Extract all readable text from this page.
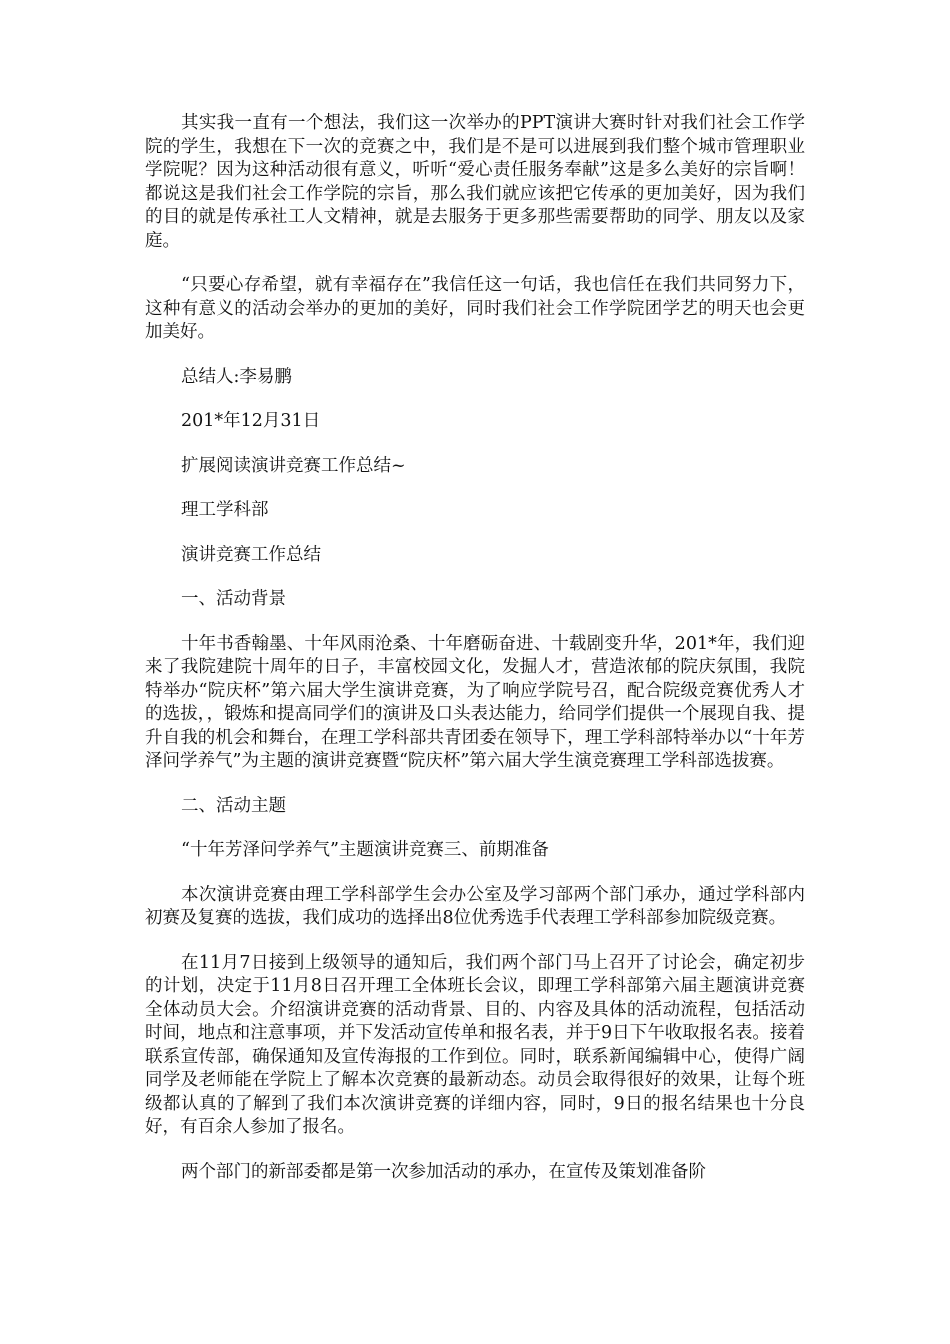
其实我一直有一个想法，我们这一次举办的PPT演讲大赛时针对我们社会工作学院的学生，我想在下一次的竞赛之中，我们是不是可以进展到我们整个城市管理职业学院呢？因为这种活动很有意义，听听“爱心责任服务奉献”这是多么美好的宗旨啊！都说这是我们社会工作学院的宗旨，那么我们就应该把它传承的更加美好，因为我们的目的就是传承社工人文精神，就是去服务于更多那些需要帮助的同学、朋友以及家庭。

“只要心存希望，就有幸福存在”我信任这一句话，我也信任在我们共同努力下，这种有意义的活动会举办的更加的美好，同时我们社会工作学院团学艺的明天也会更加美好。

总结人:李易鹏

201*年12月31日

扩展阅读演讲竞赛工作总结~

理工学科部

演讲竞赛工作总结

一、活动背景

十年书香翰墨、十年风雨沧桑、十年磨砺奋进、十载剧变升华，201*年，我们迎来了我院建院十周年的日子，丰富校园文化，发掘人才，营造浓郁的院庆氛围，我院特举办“院庆杯”第六届大学生演讲竞赛，为了响应学院号召，配合院级竞赛优秀人才的选拔，，锻炼和提高同学们的演讲及口头表达能力，给同学们提供一个展现自我、提升自我的机会和舞台，在理工学科部共青团委在领导下，理工学科部特举办以“十年芳泽问学养气”为主题的演讲竞赛暨“院庆杯”第六届大学生演竞赛理工学科部选拔赛。

二、活动主题

“十年芳泽问学养气”主题演讲竞赛三、前期准备

本次演讲竞赛由理工学科部学生会办公室及学习部两个部门承办，通过学科部内初赛及复赛的选拔，我们成功的选择出8位优秀选手代表理工学科部参加院级竞赛。

在11月7日接到上级领导的通知后，我们两个部门马上召开了讨论会，确定初步的计划，决定于11月8日召开理工全体班长会议，即理工学科部第六届主题演讲竞赛全体动员大会。介绍演讲竞赛的活动背景、目的、内容及具体的活动流程，包括活动时间，地点和注意事项，并下发活动宣传单和报名表，并于9日下午收取报名表。接着联系宣传部，确保通知及宣传海报的工作到位。同时，联系新闻编辑中心，使得广阔同学及老师能在学院上了解本次竞赛的最新动态。动员会取得很好的效果，让每个班级都认真的了解到了我们本次演讲竞赛的详细内容，同时，9日的报名结果也十分良好，有百余人参加了报名。

两个部门的新部委都是第一次参加活动的承办，在宣传及策划准备阶
